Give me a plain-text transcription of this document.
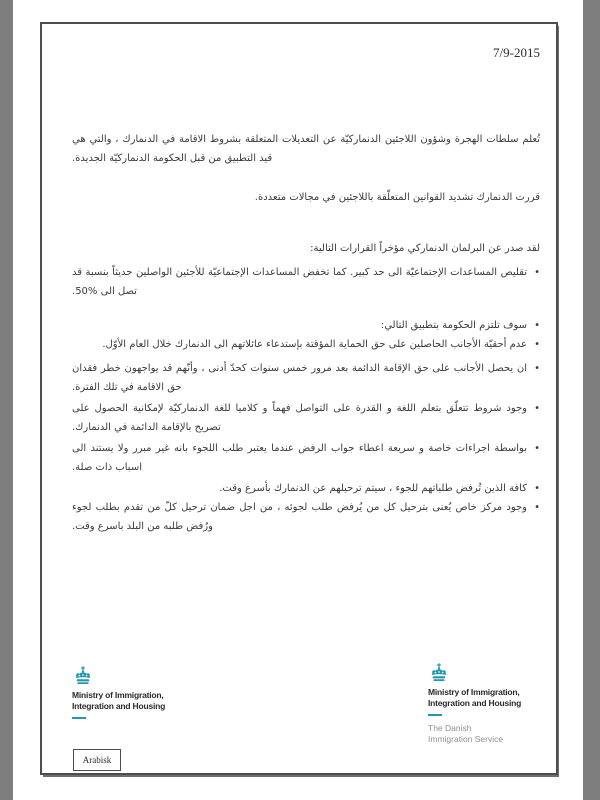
7/9-2015
تُعلم سلطات الهجرة وشؤون اللاجئين الدنماركيّة عن التعديلات المتعلقة بشروط الاقامة في الدنمارك ، والتي هي قيد التطبيق من قبل الحكومة الدنماركيّة الجديدة.
قررت الدنمارك تشديد القوانين المتعلّقة باللاجئين في مجالات متعددة.
لقد صدر عن البرلمان الدنماركي مؤخراً القرارات التالية:
•
تقليص المساعدات الإجتماعيّة الى حد كبير. كما تخفض المساعدات الإجتماعيّة للأجئين الواصلين حديثاً بنسبة قد تصل الى %50.
•
سوف تلتزم الحكومة بتطبيق التالي:
•
عدم أحقيّة الأجانب الحاصلين على حق الحماية المؤقتة بإستدعاء عائلاتهم الى الدنمارك خلال العام الأوّل.
•
ان يحصل الأجانب على حق الإقامة الدائمة بعد مرور خمس سنوات كحدّ أدنى ، وأنّهم قد يواجهون خطر فقدان حق الاقامة في تلك الفترة.
•
وجود شروط تتعلّق بتعلم اللغة و القدرة على التواصل فهماً و كلاميا للغة الدنماركيّة لإمكانية الحصول على تصريح بالإقامة الدائمة في الدنمارك.
•
بواسطة اجراءات خاصة و سريعة اعطاء جواب الرفض عندما يعتبر طلب اللجوء بانه غير مبرر ولا يستند الى اسباب ذات صلة.
•
كافة الذين تُرفض طلباتهم للجوء ، سيتم ترحيلهم عن الدنمارك بأسرع وقت.
•
وجود مركز خاص يُعنى بترحيل كل من يُرفض طلب لجوئه ، من اجل ضمان ترحيل كلّ من تقدم بطلب لجوء ورُفض طلبه من البلد باسرع وقت.
Ministry of Immigration,
Integration and Housing
Ministry of Immigration,
Integration and Housing
The Danish
Immigration Service
Arabisk
